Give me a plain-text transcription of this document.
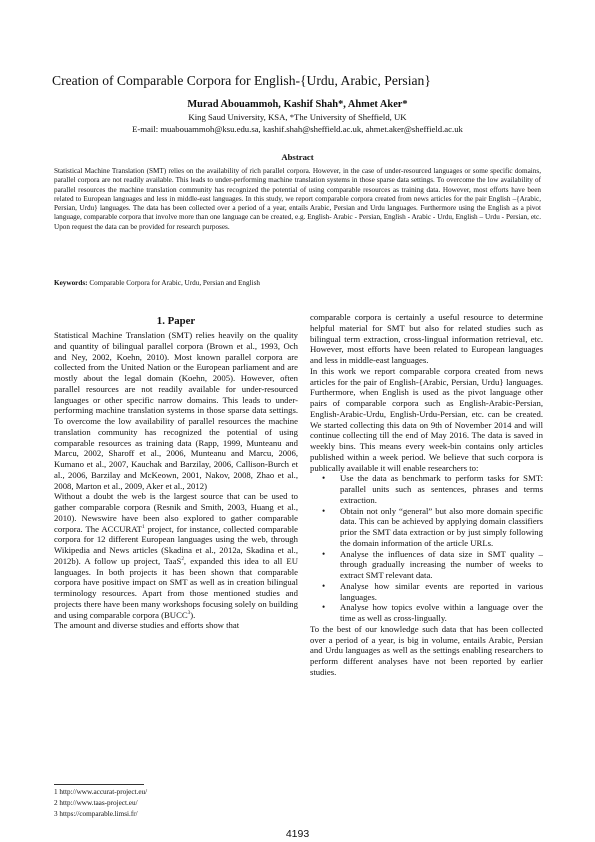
Creation of Comparable Corpora for English-{Urdu, Arabic, Persian}
Murad Abouammoh, Kashif Shah*, Ahmet Aker*
King Saud University, KSA, *The University of Sheffield, UK
E-mail: muabouammoh@ksu.edu.sa, kashif.shah@sheffield.ac.uk, ahmet.aker@sheffield.ac.uk
Abstract
Statistical Machine Translation (SMT) relies on the availability of rich parallel corpora. However, in the case of under-resourced languages or some specific domains, parallel corpora are not readily available. This leads to under-performing machine translation systems in those sparse data settings. To overcome the low availability of parallel resources the machine translation community has recognized the potential of using comparable resources as training data. However, most efforts have been related to European languages and less in middle-east languages. In this study, we report comparable corpora created from news articles for the pair English –{Arabic, Persian, Urdu} languages. The data has been collected over a period of a year, entails Arabic, Persian and Urdu languages. Furthermore using the English as a pivot language, comparable corpora that involve more than one language can be created, e.g. English- Arabic - Persian, English - Arabic - Urdu, English – Urdu - Persian, etc. Upon request the data can be provided for research purposes.
Keywords: Comparable Corpora for Arabic, Urdu, Persian and English
1. Paper

Statistical Machine Translation (SMT) relies heavily on the quality and quantity of bilingual parallel corpora (Brown et al., 1993, Och and Ney, 2002, Koehn, 2010). Most known parallel corpora are collected from the United Nation or the European parliament and are mostly about the legal domain (Koehn, 2005). However, often parallel resources are not readily available for under-resourced languages or other specific narrow domains. This leads to under-performing machine translation systems in those sparse data settings. To overcome the low availability of parallel resources the machine translation community has recognized the potential of using comparable resources as training data (Rapp, 1999, Munteanu and Marcu, 2002, Sharoff et al., 2006, Munteanu and Marcu, 2006, Kumano et al., 2007, Kauchak and Barzilay, 2006, Callison-Burch et al., 2006, Barzilay and McKeown, 2001, Nakov, 2008, Zhao et al., 2008, Marton et al., 2009, Aker et al., 2012)

Without a doubt the web is the largest source that can be used to gather comparable corpora (Resnik and Smith, 2003, Huang et al., 2010). Newswire have been also explored to gather comparable corpora. The ACCURAT$^1$ project, for instance, collected comparable corpora for 12 different European languages using the web, through Wikipedia and News articles (Skadina et al., 2012a, Skadina et al., 2012b). A follow up project, TaaS$^2$, expanded this idea to all EU languages. In both projects it has been shown that comparable corpora have positive impact on SMT as well as in creation bilingual terminology resources. Apart from those mentioned studies and projects there have been many workshops focusing solely on building and using comparable corpora (BUCC$^3$).

The amount and diverse studies and efforts show that

comparable corpora is certainly a useful resource to determine helpful material for SMT but also for related studies such as bilingual term extraction, cross-lingual information retrieval, etc. However, most efforts have been related to European languages and less in middle-east languages.

In this work we report comparable corpora created from news articles for the pair of English-{Arabic, Persian, Urdu} languages. Furthermore, when English is used as the pivot language other pairs of comparable corpora such as English-Arabic-Persian, English-Arabic-Urdu, English-Urdu-Persian, etc. can be created. We started collecting this data on 9th of November 2014 and will continue collecting till the end of May 2016. The data is saved in weekly bins. This means every week-bin contains only articles published within a week period. We believe that such corpora is publically available it will enable researchers to:

• Use the data as benchmark to perform tasks for SMT: parallel units such as sentences, phrases and terms extraction.
• Obtain not only “general” but also more domain specific data. This can be achieved by applying domain classifiers prior the SMT data extraction or by just simply following the domain information of the article URLs.
• Analyse the influences of data size in SMT quality – through gradually increasing the number of weeks to extract SMT relevant data.
• Analyse how similar events are reported in various languages.
• Analyse how topics evolve within a language over the time as well as cross-lingually.

To the best of our knowledge such data that has been collected over a period of a year, is big in volume, entails Arabic, Persian and Urdu languages as well as the settings enabling researchers to perform different analyses have not been reported by earlier studies.

1 http://www.accurat-project.eu/
2 http://www.taas-project.eu/
3 https://comparable.limsi.fr/
4193
